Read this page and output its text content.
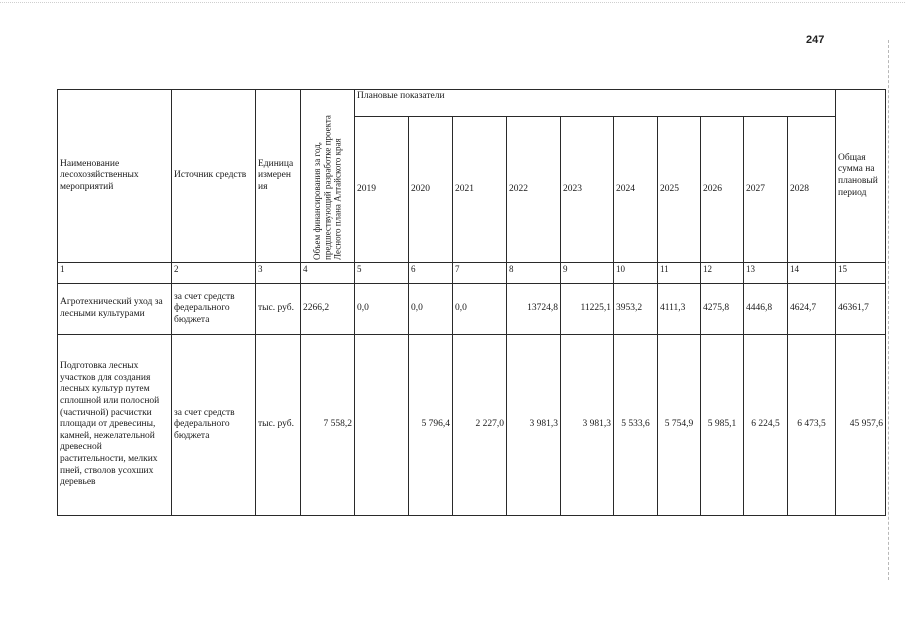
247
Наименование лесохозяйственных мероприятий	Источник средств	Единица измерен ия	Объем финансирования за год, предшествующий разработке проекта Лесного плана Алтайского края	Плановые показатели										Общая сумма на плановый период
				2019	2020	2021	2022	2023	2024	2025	2026	2027	2028	
1	2	3	4	5	6	7	8	9	10	11	12	13	14	15
Агротехнический уход за лесными культурами	за счет средств федерального бюджета	тыс. руб.	2266,2	0,0	0,0	0,0	13724,8	11225,1	3953,2	4111,3	4275,8	4446,8	4624,7	46361,7
Подготовка лесных участков для создания лесных культур путем сплошной или полосной (частичной) расчистки площади от древесины, камней, нежелательной древесной растительности, мелких пней, стволов усохших деревьев	за счет средств федерального бюджета	тыс. руб.	7 558,2		5 796,4	2 227,0	3 981,3	3 981,3	5 533,6	5 754,9	5 985,1	6 224,5	6 473,5	45 957,6
